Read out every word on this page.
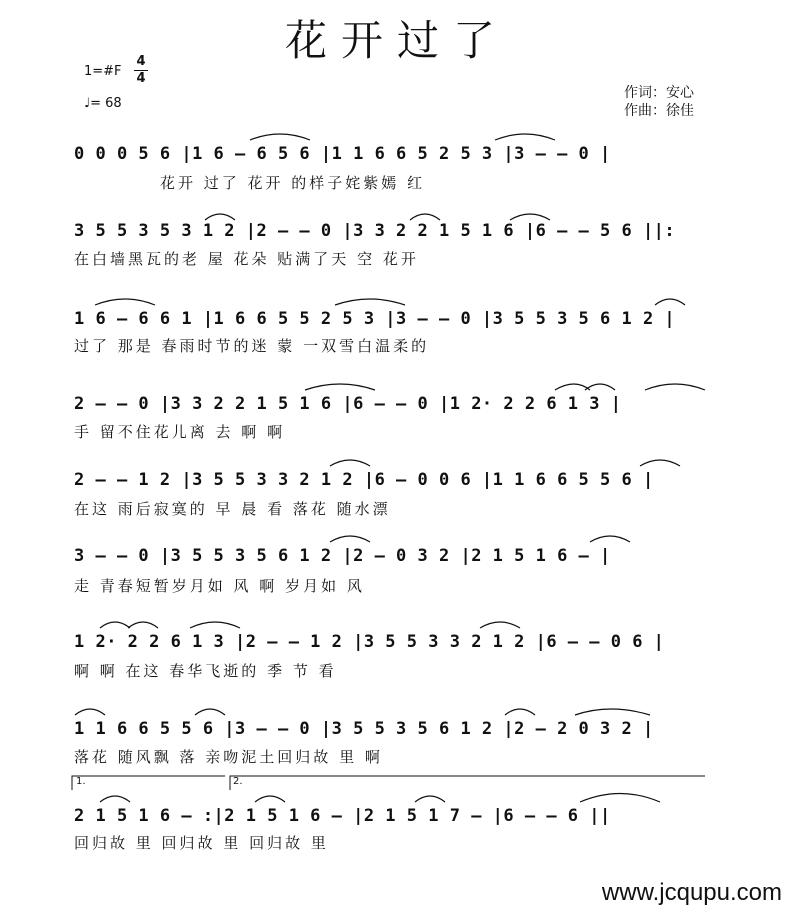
花开过了
1=#F
4
4
♩= 68
作词：安心
作曲：徐佳
0 0 0 5 6 |1 6 – 6 5 6 |1 1 6 6 5 2 5 3 |3 – – 0 |
花开 过了 花开 的样子姹紫嫣 红
3 5 5 3 5 3 1 2 |2 – – 0 |3 3 2 2 1 5 1 6 |6 – – 5 6 ||:
在白墙黑瓦的老 屋 花朵 贴满了天 空 花开
1 6 – 6 6 1 |1 6 6 5 5 2 5 3 |3 – – 0 |3 5 5 3 5 6 1 2 |
过了 那是 春雨时节的迷 蒙 一双雪白温柔的
2 – – 0 |3 3 2 2 1 5 1 6 |6 – – 0 |1 2· 2 2 6 1 3 |
手 留不住花儿离 去 啊 啊
2 – – 1 2 |3 5 5 3 3 2 1 2 |6 – 0 0 6 |1 1 6 6 5 5 6 |
在这 雨后寂寞的 早 晨 看 落花 随水漂
3 – – 0 |3 5 5 3 5 6 1 2 |2 – 0 3 2 |2 1 5 1 6 – |
走 青春短暂岁月如 风 啊 岁月如 风
1 2· 2 2 6 1 3 |2 – – 1 2 |3 5 5 3 3 2 1 2 |6 – – 0 6 |
啊 啊 在这 春华飞逝的 季 节 看
1 1 6 6 5 5 6 |3 – – 0 |3 5 5 3 5 6 1 2 |2 – 2 0 3 2 |
落花 随风飘 落 亲吻泥土回归故 里 啊
1.	2.
2 1 5 1 6 – :|2 1 5 1 6 – |2 1 5 1 7 – |6 – – 6 ||
回归故 里 回归故 里 回归故 里
www.jcqupu.com
